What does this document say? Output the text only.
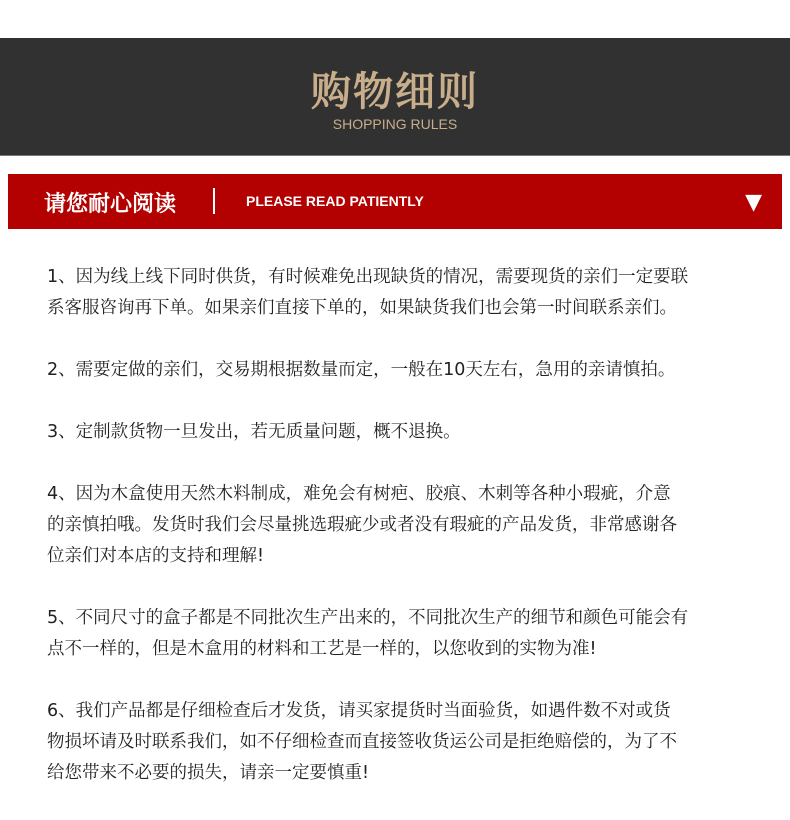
购物细则
SHOPPING RULES
请您耐心阅读	PLEASE READ PATIENTLY	▼
1、因为线上线下同时供货，有时候难免出现缺货的情况，需要现货的亲们一定要联
系客服咨询再下单。如果亲们直接下单的，如果缺货我们也会第一时间联系亲们。
2、需要定做的亲们，交易期根据数量而定，一般在10天左右，急用的亲请慎拍。
3、定制款货物一旦发出，若无质量问题，概不退换。
4、因为木盒使用天然木料制成，难免会有树疤、胶痕、木刺等各种小瑕疵，介意
的亲慎拍哦。发货时我们会尽量挑选瑕疵少或者没有瑕疵的产品发货，非常感谢各
位亲们对本店的支持和理解!
5、不同尺寸的盒子都是不同批次生产出来的，不同批次生产的细节和颜色可能会有
点不一样的，但是木盒用的材料和工艺是一样的，以您收到的实物为准!
6、我们产品都是仔细检查后才发货，请买家提货时当面验货，如遇件数不对或货
物损坏请及时联系我们，如不仔细检查而直接签收货运公司是拒绝赔偿的，为了不
给您带来不必要的损失，请亲一定要慎重!
